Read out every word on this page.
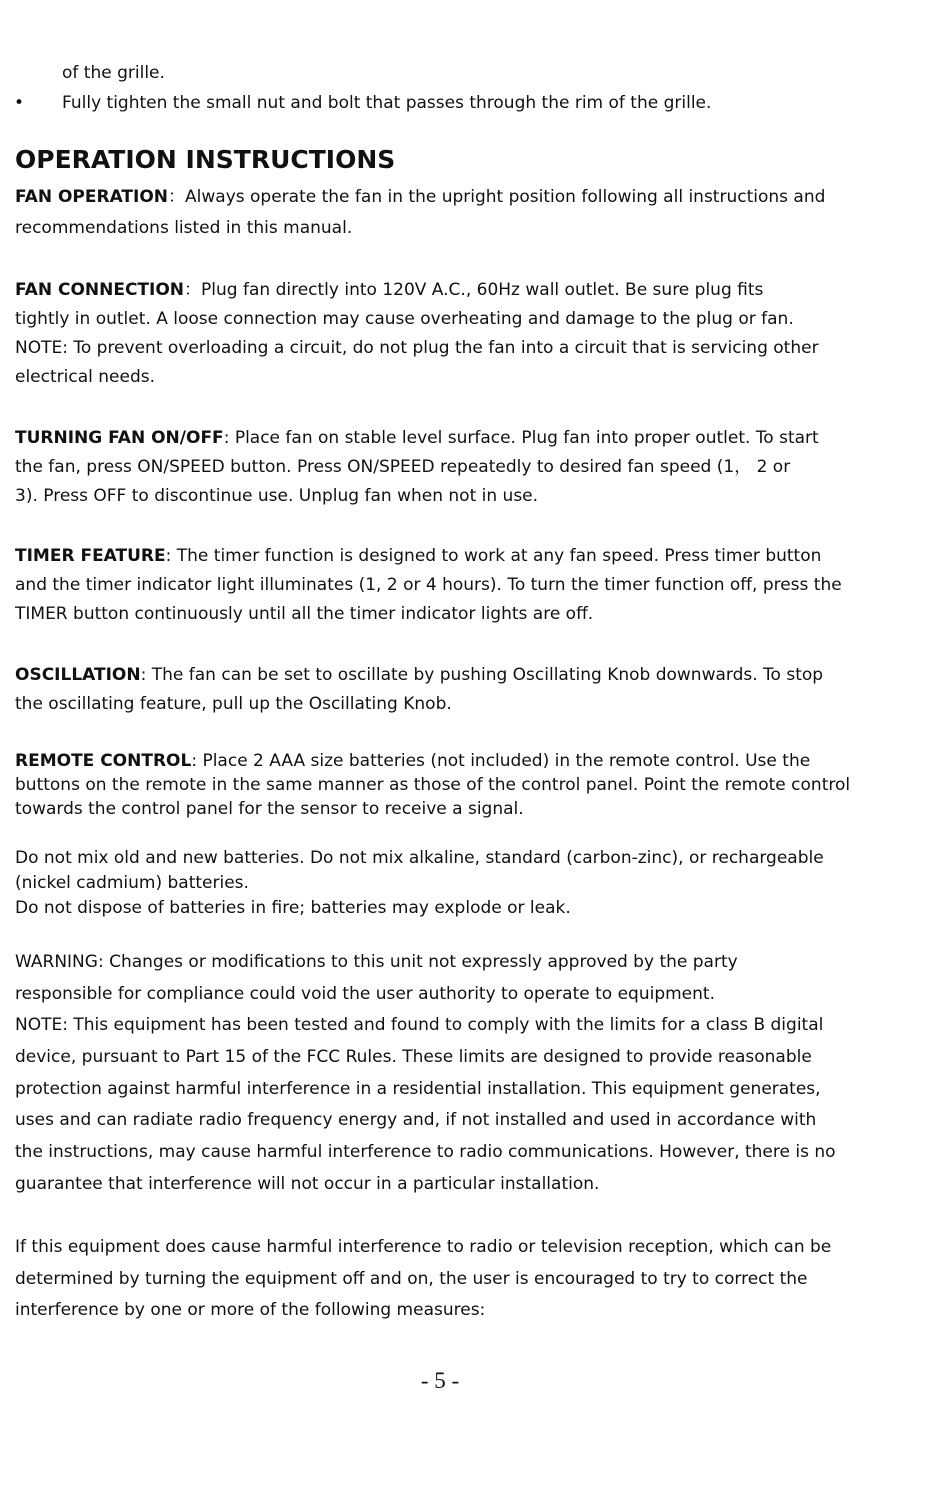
of the grille.
• Fully tighten the small nut and bolt that passes through the rim of the grille.
OPERATION INSTRUCTIONS
FAN OPERATION：Always operate the fan in the upright position following all instructions and
recommendations listed in this manual.
FAN CONNECTION：Plug fan directly into 120V A.C., 60Hz wall outlet. Be sure plug fits
tightly in outlet. A loose connection may cause overheating and damage to the plug or fan.
NOTE: To prevent overloading a circuit, do not plug the fan into a circuit that is servicing other
electrical needs.
TURNING FAN ON/OFF: Place fan on stable level surface. Plug fan into proper outlet. To start
the fan, press ON/SPEED button. Press ON/SPEED repeatedly to desired fan speed (1， 2 or
3). Press OFF to discontinue use. Unplug fan when not in use.
TIMER FEATURE: The timer function is designed to work at any fan speed. Press timer button
and the timer indicator light illuminates (1, 2 or 4 hours). To turn the timer function off, press the
TIMER button continuously until all the timer indicator lights are off.
OSCILLATION: The fan can be set to oscillate by pushing Oscillating Knob downwards. To stop
the oscillating feature, pull up the Oscillating Knob.
REMOTE CONTROL: Place 2 AAA size batteries (not included) in the remote control. Use the
buttons on the remote in the same manner as those of the control panel. Point the remote control
towards the control panel for the sensor to receive a signal.
Do not mix old and new batteries. Do not mix alkaline, standard (carbon-zinc), or rechargeable
(nickel cadmium) batteries.
Do not dispose of batteries in fire; batteries may explode or leak.
WARNING: Changes or modifications to this unit not expressly approved by the party
responsible for compliance could void the user authority to operate to equipment.
NOTE: This equipment has been tested and found to comply with the limits for a class B digital
device, pursuant to Part 15 of the FCC Rules. These limits are designed to provide reasonable
protection against harmful interference in a residential installation. This equipment generates,
uses and can radiate radio frequency energy and, if not installed and used in accordance with
the instructions, may cause harmful interference to radio communications. However, there is no
guarantee that interference will not occur in a particular installation.
If this equipment does cause harmful interference to radio or television reception, which can be
determined by turning the equipment off and on, the user is encouraged to try to correct the
interference by one or more of the following measures:
- 5 -
